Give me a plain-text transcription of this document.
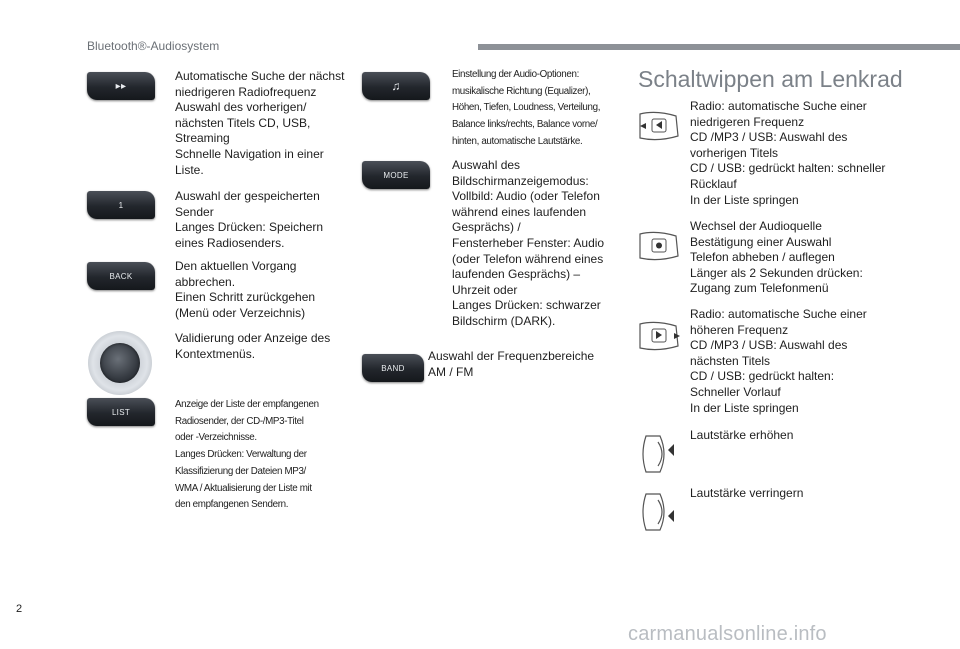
Bluetooth®-Audiosystem
▸▸
Automatische Suche der nächst
niedrigeren Radiofrequenz
Auswahl des vorherigen/
nächsten Titels CD, USB,
Streaming
Schnelle Navigation in einer
Liste.
1
Auswahl der gespeicherten
Sender
Langes Drücken: Speichern
eines Radiosenders.
BACK
Den aktuellen Vorgang
abbrechen.
Einen Schritt zurückgehen
(Menü oder Verzeichnis)
Validierung oder Anzeige des
Kontextmenüs.
LIST
Anzeige der Liste der empfangenen
Radiosender, der CD-/MP3-Titel
oder -Verzeichnisse.
Langes Drücken: Verwaltung der
Klassifizierung der Dateien MP3/
WMA / Aktualisierung der Liste mit
den empfangenen Sendern.
♫
Einstellung der Audio-Optionen:
musikalische Richtung (Equalizer),
Höhen, Tiefen, Loudness, Verteilung,
Balance links/rechts, Balance vorne/
hinten, automatische Lautstärke.
MODE
Auswahl des
Bildschirmanzeigemodus:
Vollbild: Audio (oder Telefon
während eines laufenden
Gesprächs) /
Fensterheber Fenster: Audio
(oder Telefon während eines
laufenden Gesprächs) –
Uhrzeit oder
Langes Drücken: schwarzer
Bildschirm (DARK).
BAND
Auswahl der Frequenzbereiche
AM / FM
Schaltwippen am Lenkrad
Radio: automatische Suche einer
niedrigeren Frequenz
CD /MP3 / USB: Auswahl des
vorherigen Titels
CD / USB: gedrückt halten: schneller
Rücklauf
In der Liste springen
Wechsel der Audioquelle
Bestätigung einer Auswahl
Telefon abheben / auflegen
Länger als 2 Sekunden drücken:
Zugang zum Telefonmenü
Radio: automatische Suche einer
höheren Frequenz
CD /MP3 / USB: Auswahl des
nächsten Titels
CD / USB: gedrückt halten:
Schneller Vorlauf
In der Liste springen
Lautstärke erhöhen
Lautstärke verringern
2
carmanualsonline.info
